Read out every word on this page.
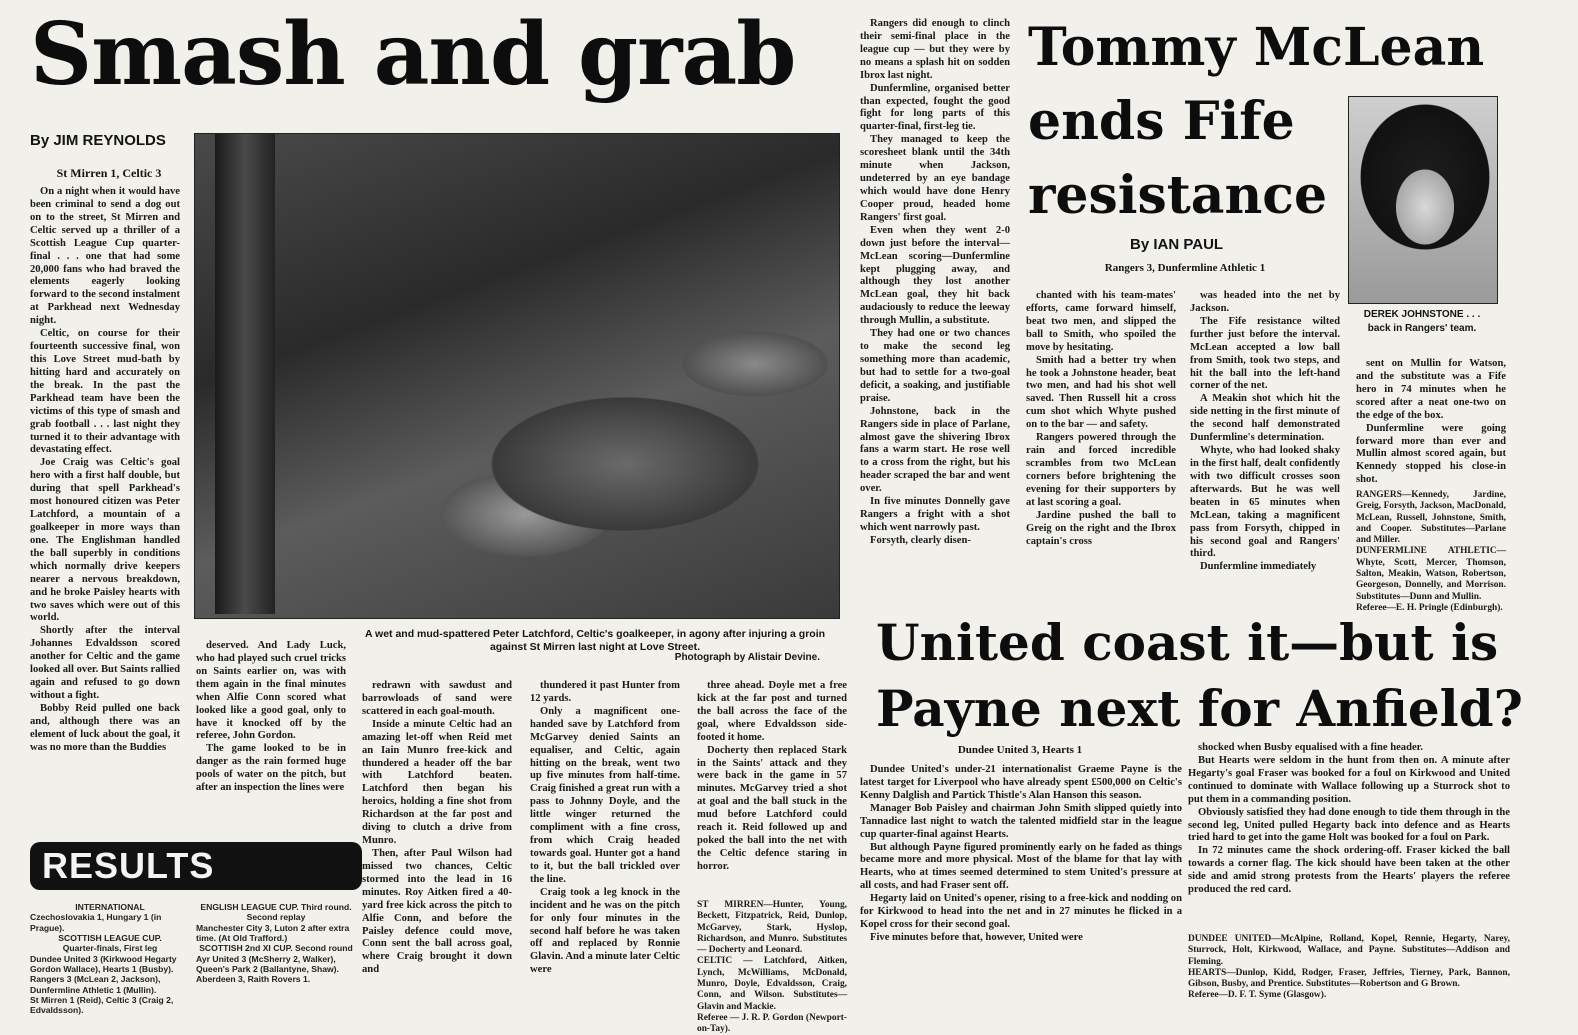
Smash and grab
By JIM REYNOLDS
St Mirren 1, Celtic 3

On a night when it would have been criminal to send a dog out on to the street, St Mirren and Celtic served up a thriller of a Scottish League Cup quarter-final . . . one that had some 20,000 fans who had braved the elements eagerly looking forward to the second instalment at Parkhead next Wednesday night.

Celtic, on course for their fourteenth successive final, won this Love Street mud-bath by hitting hard and accurately on the break. In the past the Parkhead team have been the victims of this type of smash and grab football . . . last night they turned it to their advantage with devastating effect.

Joe Craig was Celtic's goal hero with a first half double, but during that spell Parkhead's most honoured citizen was Peter Latchford, a mountain of a goalkeeper in more ways than one. The Englishman handled the ball superbly in conditions which normally drive keepers nearer a nervous breakdown, and he broke Paisley hearts with two saves which were out of this world.

Shortly after the interval Johannes Edvaldsson scored another for Celtic and the game looked all over. But Saints rallied again and refused to go down without a fight.

Bobby Reid pulled one back and, although there was an element of luck about the goal, it was no more than the Buddies

A wet and mud-spattered Peter Latchford, Celtic's goalkeeper, in agony after injuring a groin against St Mirren last night at Love Street.
Photograph by Alistair Devine.

deserved. And Lady Luck, who had played such cruel tricks on Saints earlier on, was with them again in the final minutes when Alfie Conn scored what looked like a good goal, only to have it knocked off by the referee, John Gordon.

The game looked to be in danger as the rain formed huge pools of water on the pitch, but after an inspection the lines were

redrawn with sawdust and barrowloads of sand were scattered in each goal-mouth.

Inside a minute Celtic had an amazing let-off when Reid met an Iain Munro free-kick and thundered a header off the bar with Latchford beaten. Latchford then began his heroics, holding a fine shot from Richardson at the far post and diving to clutch a drive from Munro.

Then, after Paul Wilson had missed two chances, Celtic stormed into the lead in 16 minutes. Roy Aitken fired a 40-yard free kick across the pitch to Alfie Conn, and before the Paisley defence could move, Conn sent the ball across goal, where Craig brought it down and

thundered it past Hunter from 12 yards.

Only a magnificent one-handed save by Latchford from McGarvey denied Saints an equaliser, and Celtic, again hitting on the break, went two up five minutes from half-time. Craig finished a great run with a pass to Johnny Doyle, and the little winger returned the compliment with a fine cross, from which Craig headed towards goal. Hunter got a hand to it, but the ball trickled over the line.

Craig took a leg knock in the incident and he was on the pitch for only four minutes in the second half before he was taken off and replaced by Ronnie Glavin. And a minute later Celtic were

three ahead. Doyle met a free kick at the far post and turned the ball across the face of the goal, where Edvaldsson side-footed it home.

Docherty then replaced Stark in the Saints' attack and they were back in the game in 57 minutes. McGarvey tried a shot at goal and the ball stuck in the mud before Latchford could reach it. Reid followed up and poked the ball into the net with the Celtic defence staring in horror.

ST MIRREN—Hunter, Young, Beckett, Fitzpatrick, Reid, Dunlop, McGarvey, Stark, Hyslop, Richardson, and Munro. Substitutes — Docherty and Leonard.

CELTIC — Latchford, Aitken, Lynch, McWilliams, McDonald, Munro, Doyle, Edvaldsson, Craig, Conn, and Wilson. Substitutes—Glavin and Mackie.

Referee — J. R. P. Gordon (Newport-on-Tay).

RESULTS
INTERNATIONAL
Czechoslovakia 1, Hungary 1 (in Prague).
SCOTTISH LEAGUE CUP.
Quarter-finals, First leg
Dundee United 3 (Kirkwood Hegarty Gordon Wallace), Hearts 1 (Busby).
Rangers 3 (McLean 2, Jackson), Dunfermline Athletic 1 (Mullin).
St Mirren 1 (Reid), Celtic 3 (Craig 2, Edvaldsson).
ENGLISH LEAGUE CUP. Third round. Second replay
Manchester City 3, Luton 2 after extra time. (At Old Trafford.)
SCOTTISH 2nd XI CUP. Second round
Ayr United 3 (McSherry 2, Walker), Queen's Park 2 (Ballantyne, Shaw).
Aberdeen 3, Raith Rovers 1.

Rangers did enough to clinch their semi-final place in the league cup — but they were by no means a splash hit on sodden Ibrox last night.

Dunfermline, organised better than expected, fought the good fight for long parts of this quarter-final, first-leg tie.

They managed to keep the scoresheet blank until the 34th minute when Jackson, undeterred by an eye bandage which would have done Henry Cooper proud, headed home Rangers' first goal.

Even when they went 2-0 down just before the interval—McLean scoring—Dunfermline kept plugging away, and although they lost another McLean goal, they hit back audaciously to reduce the leeway through Mullin, a substitute.

They had one or two chances to make the second leg something more than academic, but had to settle for a two-goal deficit, a soaking, and justifiable praise.

Johnstone, back in the Rangers side in place of Parlane, almost gave the shivering Ibrox fans a warm start. He rose well to a cross from the right, but his header scraped the bar and went over.

In five minutes Donnelly gave Rangers a fright with a shot which went narrowly past.

Forsyth, clearly disen-

Tommy McLean
ends Fife
resistance
By IAN PAUL
Rangers 3, Dunfermline Athletic 1
DEREK JOHNSTONE . . .
back in Rangers' team.

chanted with his team-mates' efforts, came forward himself, beat two men, and slipped the ball to Smith, who spoiled the move by hesitating.

Smith had a better try when he took a Johnstone header, beat two men, and had his shot well saved. Then Russell hit a cross cum shot which Whyte pushed on to the bar — and safety.

Rangers powered through the rain and forced incredible scrambles from two McLean corners before brightening the evening for their supporters by at last scoring a goal.

Jardine pushed the ball to Greig on the right and the Ibrox captain's cross

was headed into the net by Jackson.

The Fife resistance wilted further just before the interval. McLean accepted a low ball from Smith, took two steps, and hit the ball into the left-hand corner of the net.

A Meakin shot which hit the side netting in the first minute of the second half demonstrated Dunfermline's determination.

Whyte, who had looked shaky in the first half, dealt confidently with two difficult crosses soon afterwards. But he was well beaten in 65 minutes when McLean, taking a magnificent pass from Forsyth, chipped in his second goal and Rangers' third.

Dunfermline immediately

sent on Mullin for Watson, and the substitute was a Fife hero in 74 minutes when he scored after a neat one-two on the edge of the box.

Dunfermline were going forward more than ever and Mullin almost scored again, but Kennedy stopped his close-in shot.

RANGERS—Kennedy, Jardine, Greig, Forsyth, Jackson, MacDonald, McLean, Russell, Johnstone, Smith, and Cooper. Substitutes—Parlane and Miller.

DUNFERMLINE ATHLETIC—Whyte, Scott, Mercer, Thomson, Salton, Meakin, Watson, Robertson, Georgeson, Donnelly, and Morrison. Substitutes—Dunn and Mullin.

Referee—E. H. Pringle (Edinburgh).

United coast it—but is
Payne next for Anfield?
Dundee United 3, Hearts 1

Dundee United's under-21 internationalist Graeme Payne is the latest target for Liverpool who have already spent £500,000 on Celtic's Kenny Dalglish and Partick Thistle's Alan Hanson this season.

Manager Bob Paisley and chairman John Smith slipped quietly into Tannadice last night to watch the talented midfield star in the league cup quarter-final against Hearts.

But although Payne figured prominently early on he faded as things became more and more physical. Most of the blame for that lay with Hearts, who at times seemed determined to stem United's pressure at all costs, and had Fraser sent off.

Hegarty laid on United's opener, rising to a free-kick and nodding on for Kirkwood to head into the net and in 27 minutes he flicked in a Kopel cross for their second goal.

Five minutes before that, however, United were

shocked when Busby equalised with a fine header.

But Hearts were seldom in the hunt from then on. A minute after Hegarty's goal Fraser was booked for a foul on Kirkwood and United continued to dominate with Wallace following up a Sturrock shot to put them in a commanding position.

Obviously satisfied they had done enough to tide them through in the second leg, United pulled Hegarty back into defence and as Hearts tried hard to get into the game Holt was booked for a foul on Park.

In 72 minutes came the shock ordering-off. Fraser kicked the ball towards a corner flag. The kick should have been taken at the other side and amid strong protests from the Hearts' players the referee produced the red card.

DUNDEE UNITED—McAlpine, Rolland, Kopel, Rennie, Hegarty, Narey, Sturrock, Holt, Kirkwood, Wallace, and Payne. Substitutes—Addison and Fleming.

HEARTS—Dunlop, Kidd, Rodger, Fraser, Jeffries, Tierney, Park, Bannon, Gibson, Busby, and Prentice. Substitutes—Robertson and G Brown.

Referee—D. F. T. Syme (Glasgow).
